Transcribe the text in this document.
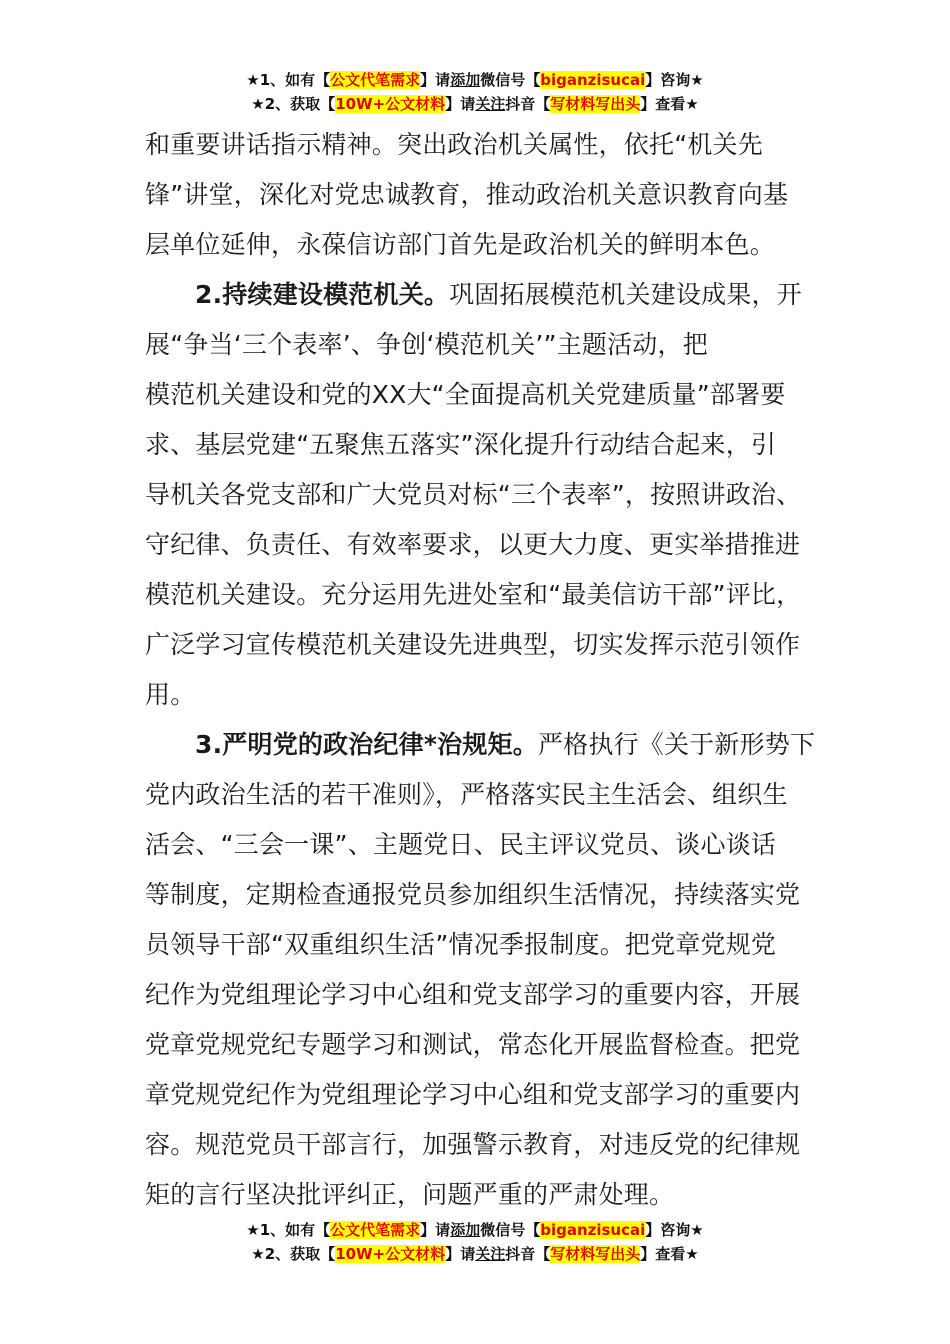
★1、如有【公文代笔需求】请添加微信号【biganzisucai】咨询★
★2、获取【10W+公文材料】请关注抖音【写材料写出头】查看★
和重要讲话指示精神。突出政治机关属性，依托“机关先
锋”讲堂，深化对党忠诚教育，推动政治机关意识教育向基
层单位延伸，永葆信访部门首先是政治机关的鲜明本色。
2.持续建设模范机关。巩固拓展模范机关建设成果，开
展“争当‘三个表率’、争创‘模范机关’”主题活动，把
模范机关建设和党的XX大“全面提高机关党建质量”部署要
求、基层党建“五聚焦五落实”深化提升行动结合起来，引
导机关各党支部和广大党员对标“三个表率”，按照讲政治、
守纪律、负责任、有效率要求，以更大力度、更实举措推进
模范机关建设。充分运用先进处室和“最美信访干部”评比，
广泛学习宣传模范机关建设先进典型，切实发挥示范引领作
用。
3.严明党的政治纪律*治规矩。严格执行《关于新形势下
党内政治生活的若干准则》，严格落实民主生活会、组织生
活会、“三会一课”、主题党日、民主评议党员、谈心谈话
等制度，定期检查通报党员参加组织生活情况，持续落实党
员领导干部“双重组织生活”情况季报制度。把党章党规党
纪作为党组理论学习中心组和党支部学习的重要内容，开展
党章党规党纪专题学习和测试，常态化开展监督检查。把党
章党规党纪作为党组理论学习中心组和党支部学习的重要内
容。规范党员干部言行，加强警示教育，对违反党的纪律规
矩的言行坚决批评纠正，问题严重的严肃处理。
★1、如有【公文代笔需求】请添加微信号【biganzisucai】咨询★
★2、获取【10W+公文材料】请关注抖音【写材料写出头】查看★
